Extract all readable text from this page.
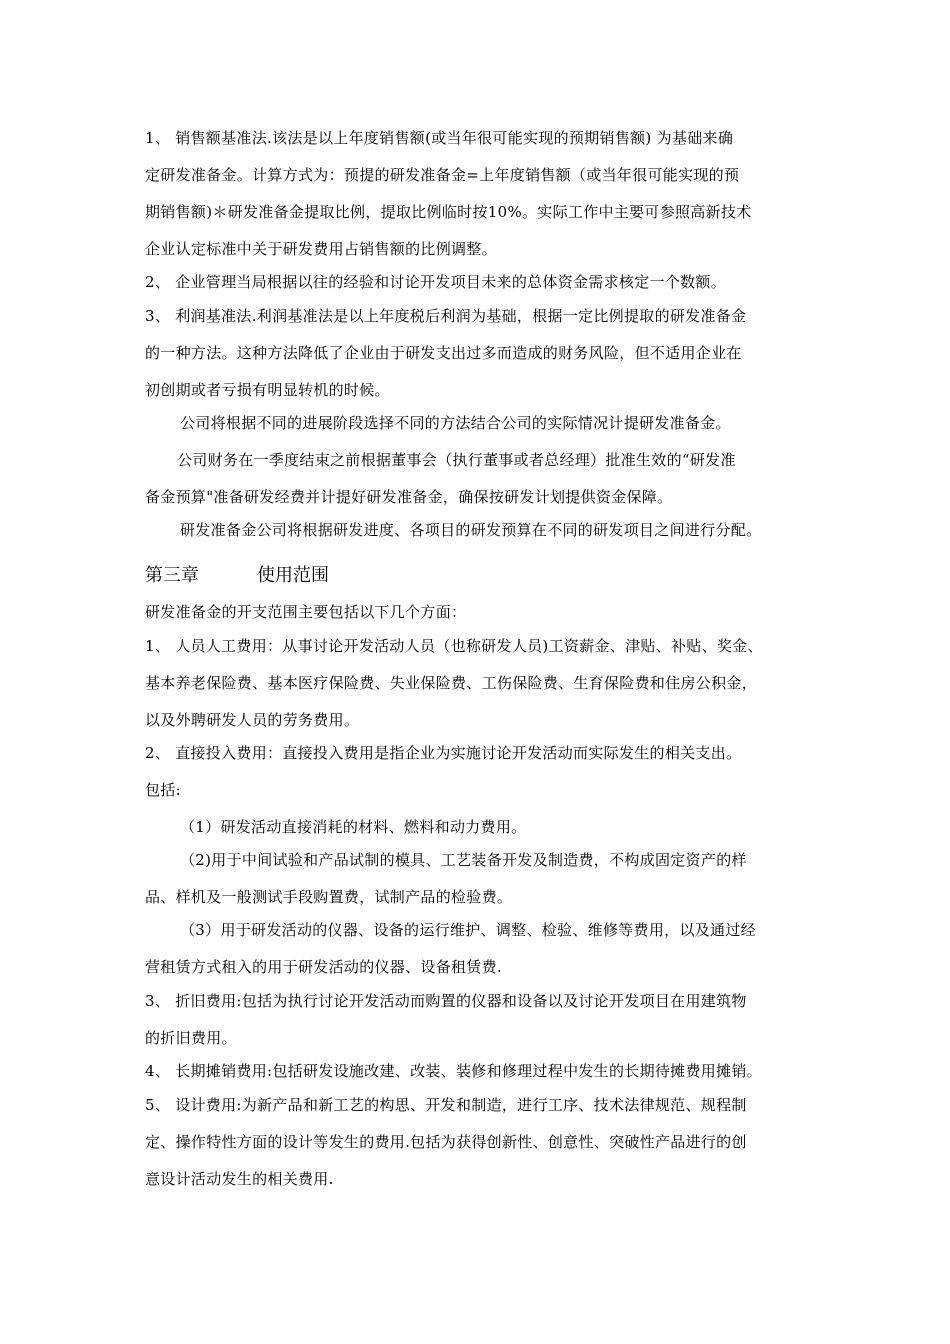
1、 销售额基准法.该法是以上年度销售额(或当年很可能实现的预期销售额) 为基础来确
定研发准备金。计算方式为：预提的研发准备金=上年度销售额（或当年很可能实现的预
期销售额)＊研发准备金提取比例，提取比例临时按10%。实际工作中主要可参照高新技术
企业认定标准中关于研发费用占销售额的比例调整。
2、 企业管理当局根据以往的经验和讨论开发项目未来的总体资金需求核定一个数额。
3、 利润基准法.利润基准法是以上年度税后利润为基础，根据一定比例提取的研发准备金
的一种方法。这种方法降低了企业由于研发支出过多而造成的财务风险，但不适用企业在
初创期或者亏损有明显转机的时候。
公司将根据不同的进展阶段选择不同的方法结合公司的实际情况计提研发准备金。
公司财务在一季度结束之前根据董事会（执行董事或者总经理）批准生效的“研发准
备金预算"准备研发经费并计提好研发准备金，确保按研发计划提供资金保障。
研发准备金公司将根据研发进度、各项目的研发预算在不同的研发项目之间进行分配。
第三章	使用范围
研发准备金的开支范围主要包括以下几个方面：
1、 人员人工费用：从事讨论开发活动人员（也称研发人员)工资薪金、津贴、补贴、奖金、
基本养老保险费、基本医疗保险费、失业保险费、工伤保险费、生育保险费和住房公积金，
以及外聘研发人员的劳务费用。
2、 直接投入费用：直接投入费用是指企业为实施讨论开发活动而实际发生的相关支出。
包括:
（1）研发活动直接消耗的材料、燃料和动力费用。
（2)用于中间试验和产品试制的模具、工艺装备开发及制造费，不构成固定资产的样
品、样机及一般测试手段购置费，试制产品的检验费。
（3）用于研发活动的仪器、设备的运行维护、调整、检验、维修等费用，以及通过经
营租赁方式租入的用于研发活动的仪器、设备租赁费.
3、 折旧费用:包括为执行讨论开发活动而购置的仪器和设备以及讨论开发项目在用建筑物
的折旧费用。
4、 长期摊销费用:包括研发设施改建、改装、装修和修理过程中发生的长期待摊费用摊销。
5、 设计费用:为新产品和新工艺的构思、开发和制造，进行工序、技术法律规范、规程制
定、操作特性方面的设计等发生的费用.包括为获得创新性、创意性、突破性产品进行的创
意设计活动发生的相关费用.
